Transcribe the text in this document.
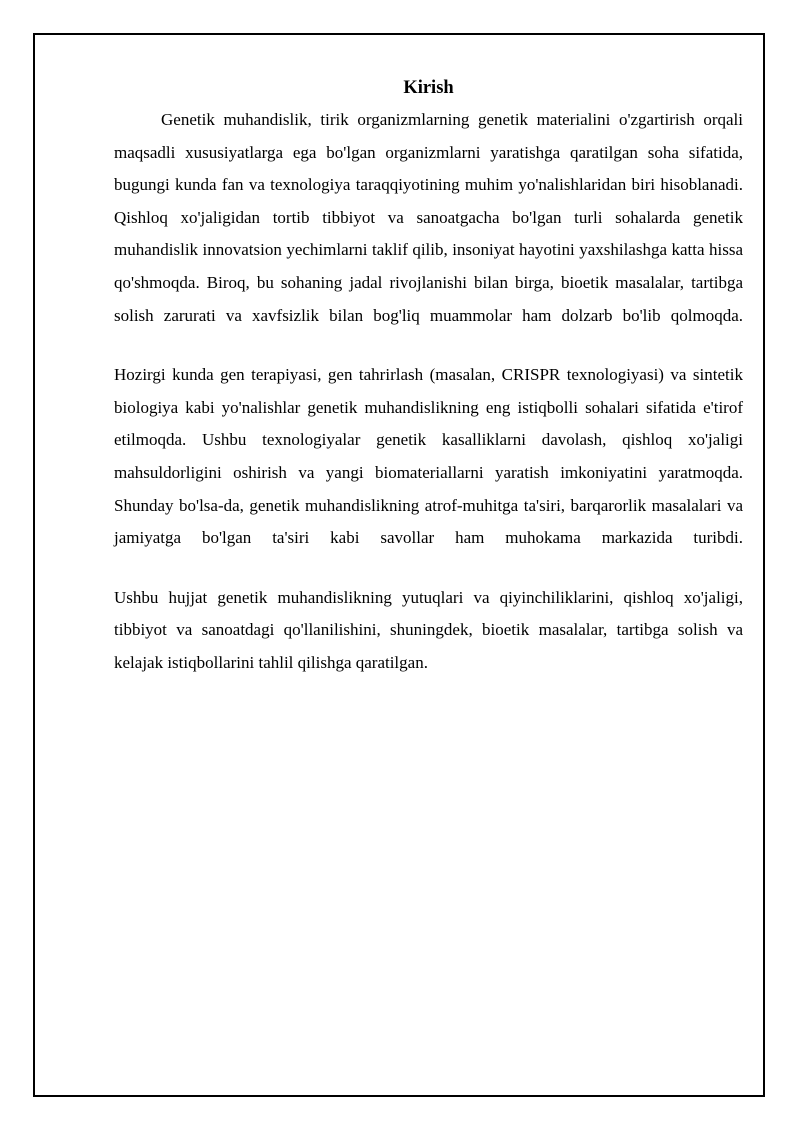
Kirish

Genetik muhandislik, tirik organizmlarning genetik materialini o'zgartirish orqali maqsadli xususiyatlarga ega bo'lgan organizmlarni yaratishga qaratilgan soha sifatida, bugungi kunda fan va texnologiya taraqqiyotining muhim yo'nalishlaridan biri hisoblanadi. Qishloq xo'jaligidan tortib tibbiyot va sanoatgacha bo'lgan turli sohalarda genetik muhandislik innovatsion yechimlarni taklif qilib, insoniyat hayotini yaxshilashga katta hissa qo'shmoqda. Biroq, bu sohaning jadal rivojlanishi bilan birga, bioetik masalalar, tartibga solish zarurati va xavfsizlik bilan bog'liq muammolar ham dolzarb bo'lib qolmoqda.

Hozirgi kunda gen terapiyasi, gen tahrirlash (masalan, CRISPR texnologiyasi) va sintetik biologiya kabi yo'nalishlar genetik muhandislikning eng istiqbolli sohalari sifatida e'tirof etilmoqda. Ushbu texnologiyalar genetik kasalliklarni davolash, qishloq xo'jaligi mahsuldorligini oshirish va yangi biomateriallarni yaratish imkoniyatini yaratmoqda. Shunday bo'lsa-da, genetik muhandislikning atrof-muhitga ta'siri, barqarorlik masalalari va jamiyatga bo'lgan ta'siri kabi savollar ham muhokama markazida turibdi.

Ushbu hujjat genetik muhandislikning yutuqlari va qiyinchiliklarini, qishloq xo'jaligi, tibbiyot va sanoatdagi qo'llanilishini, shuningdek, bioetik masalalar, tartibga solish va kelajak istiqbollarini tahlil qilishga qaratilgan.
